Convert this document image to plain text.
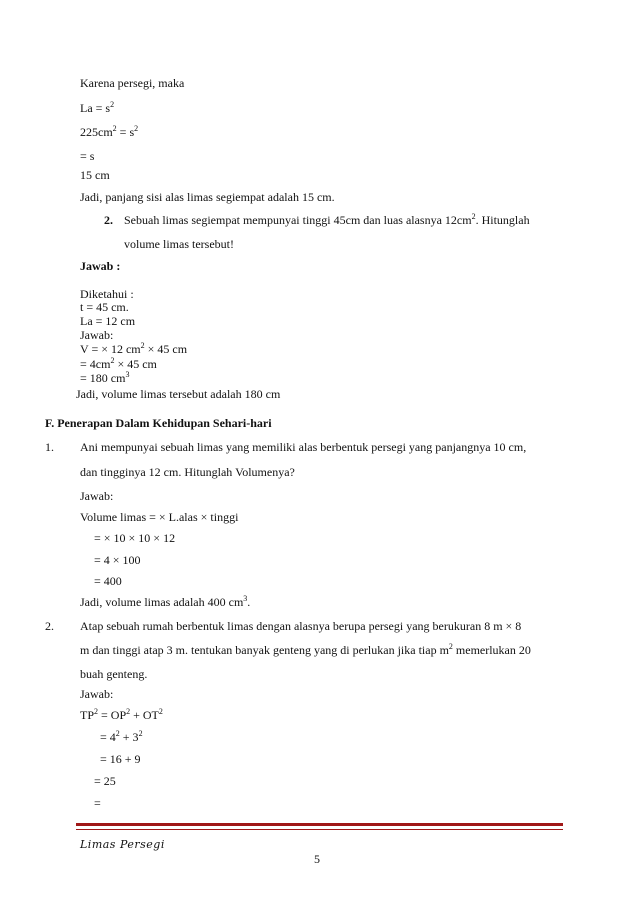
Karena persegi, maka
$La = s^2$
$225cm^2 = s^2$
= s
15 cm
Jadi, panjang sisi alas limas segiempat adalah 15 cm.
2. Sebuah limas segiempat mempunyai tinggi 45cm dan luas alasnya $12cm^2$. Hitunglah
volume limas tersebut!
Jawab :
Diketahui :
t = 45 cm.
La = 12 cm
Jawab:
V = × 12 $cm^2 \times 45$ cm
= $4cm^2 \times 45$ cm
= 180 $cm^3$
Jadi, volume limas tersebut adalah 180 cm
F. Penerapan Dalam Kehidupan Sehari-hari
1. Ani mempunyai sebuah limas yang memiliki alas berbentuk persegi yang panjangnya 10 cm,
dan tingginya 12 cm. Hitunglah Volumenya?
Jawab:
Volume limas = × L.alas × tinggi
= × 10 × 10 × 12
= 4 × 100
= 400
Jadi, volume limas adalah 400 $cm^3$.
2. Atap sebuah rumah berbentuk limas dengan alasnya berupa persegi yang berukuran 8 m × 8
m dan tinggi atap 3 m. tentukan banyak genteng yang di perlukan jika tiap $m^2$ memerlukan 20
buah genteng.
Jawab:
$TP^2 = OP^2 + OT^2$
= $4^2 + 3^2$
= 16 + 9
= 25
=
Limas Persegi
5
